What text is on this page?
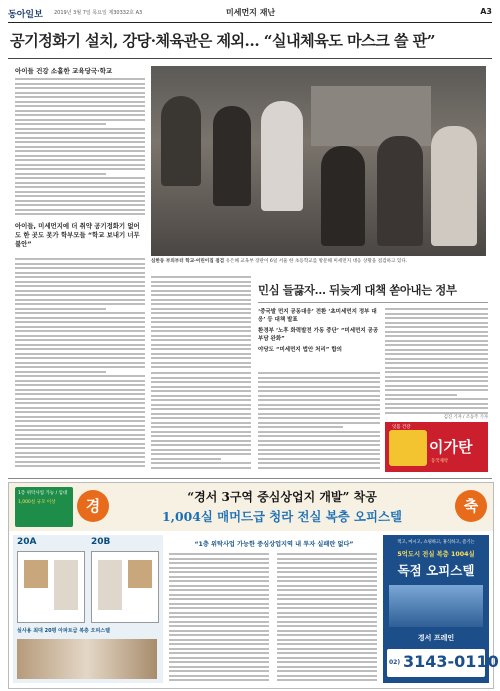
동아일보 2019년 3월 7일 목요일 제30332호 A3	미세먼지 재난	A3
공기정화기 설치, 강당·체육관은 제외… “실내체육도 마스크 쓸 판”
아이들 건강 소홀한 교육당국·학교
아이들, 미세먼지에 더 취약 공기정화기 없어도 한 곳도 못가 학부모들 “학교 보내기 너무 불안”
심한동 부의부터 학교·어린이집 점검 유은혜 교육부 장관이 6일 서울 한 초등학교를 방문해 미세먼지 대응 상황을 점검하고 있다.
민심 들끓자… 뒤늦게 대책 쏟아내는 정부
‘중국발 먼지 공동대응’ 전환 ‘초미세먼지 정부 대응’ 등 대책 발표
환경부 ‘노후 화력발전 가동 중단’ “미세먼지 공공 부담 완화”
야당도 “미세먼지 법안 처리” 합의
김진 기자 / 조동주 기자
잇몸 건강
이가탄
동국제약
경	축
1층 위탁사업 가능 / 임대
1,000실 규모 이상	“경서 3구역 중심상업지 개발” 착공
1,004실 매머드급 청라 전실 복층 오피스텔
20A	20B
실사용 최대 20평 아파트급 복층 오피스텔
“1층 위탁사업 가능한 중심상업지역 내 투자 실패란 없다”	먹고, 마시고, 쇼핑하고, 휴식하고, 즐기는
5억도시 전실 복층 1004실
독점 오피스텔
경서 프레인
02) 3143-0110
